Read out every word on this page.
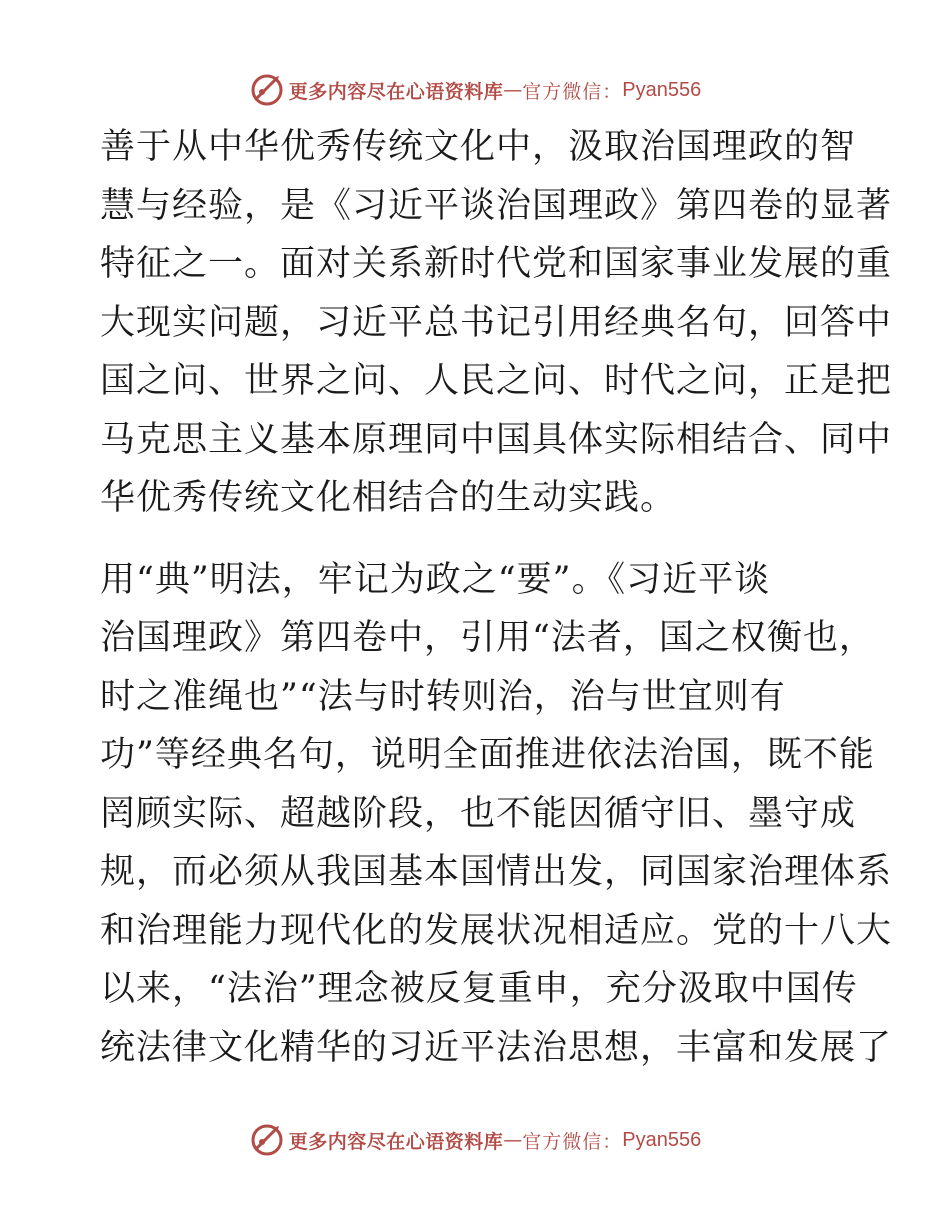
更多内容尽在心语资料库 — 官方微信： Pyan556

善于从中华优秀传统文化中，汲取治国理政的智
慧与经验，是《习近平谈治国理政》第四卷的显著
特征之一。面对关系新时代党和国家事业发展的重
大现实问题，习近平总书记引用经典名句，回答中
国之问、世界之问、人民之问、时代之问，正是把
马克思主义基本原理同中国具体实际相结合、同中
华优秀传统文化相结合的生动实践。

用“典”明法，牢记为政之“要”。《习近平谈
治国理政》第四卷中，引用“法者，国之权衡也，
时之准绳也”“法与时转则治，治与世宜则有
功”等经典名句，说明全面推进依法治国，既不能
罔顾实际、超越阶段，也不能因循守旧、墨守成
规，而必须从我国基本国情出发，同国家治理体系
和治理能力现代化的发展状况相适应。党的十八大
以来，“法治”理念被反复重申，充分汲取中国传
统法律文化精华的习近平法治思想，丰富和发展了

更多内容尽在心语资料库 — 官方微信： Pyan556
